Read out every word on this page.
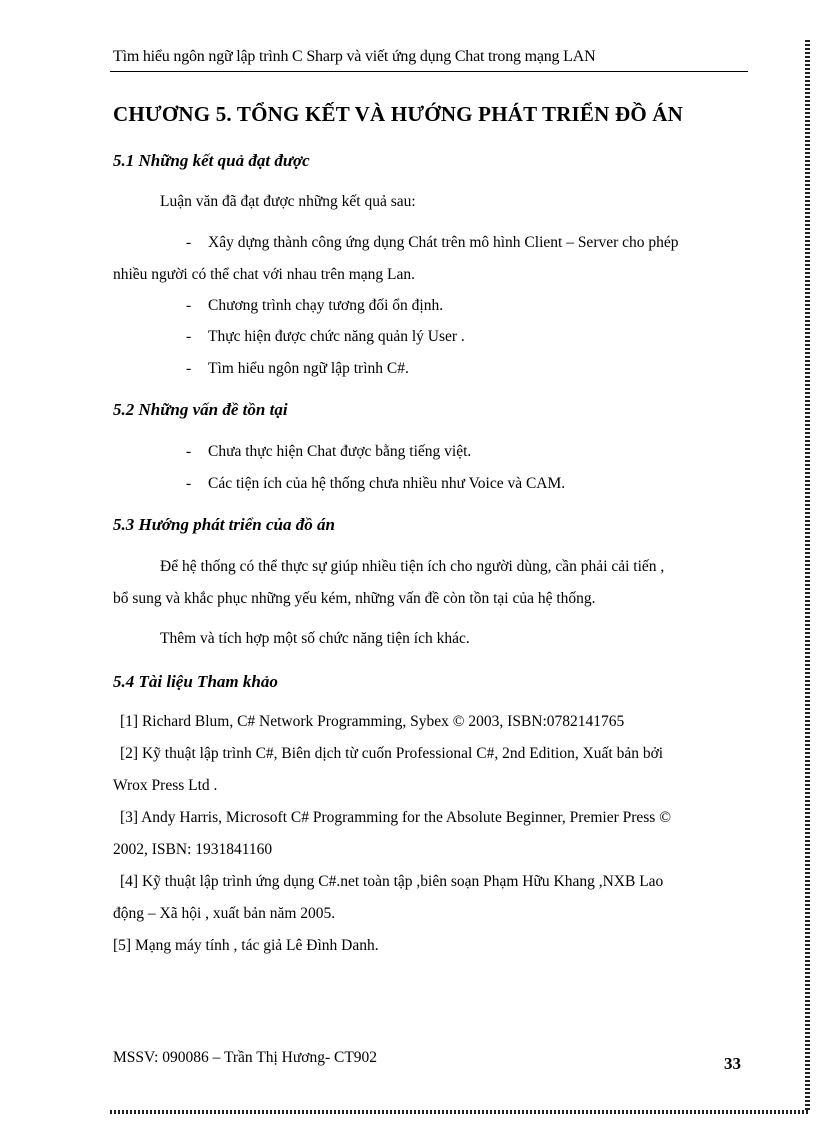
Tìm hiểu ngôn ngữ lập trình C Sharp và viết ứng dụng Chat trong mạng LAN
CHƯƠNG 5. TỔNG KẾT VÀ HƯỚNG PHÁT TRIỂN ĐỒ ÁN
5.1 Những kết quả đạt được
Luận văn đã đạt được những kết quả sau:
- Xây dựng thành công ứng dụng Chát trên mô hình Client – Server cho phép
nhiều người có thể chat với nhau trên mạng Lan.
- Chương trình chạy tương đối ổn định.
- Thực hiện được chức năng quản lý User .
- Tìm hiểu ngôn ngữ lập trình C#.
5.2 Những vấn đề tồn tại
- Chưa thực hiện Chat được bằng tiếng việt.
- Các tiện ích của hệ thống chưa nhiều như Voice và CAM.
5.3 Hướng phát triển của đồ án
Để hệ thống có thể thực sự giúp nhiều tiện ích cho người dùng, cần phải cải tiến ,
bổ sung và khắc phục những yếu kém, những vấn đề còn tồn tại của hệ thống.
Thêm và tích hợp một số chức năng tiện ích khác.
5.4 Tài liệu Tham khảo
[1] Richard Blum, C# Network Programming, Sybex © 2003, ISBN:0782141765
[2] Kỹ thuật lập trình C#, Biên dịch từ cuốn Professional C#, 2nd Edition, Xuất bản bởi
Wrox Press Ltd .
[3] Andy Harris, Microsoft C# Programming for the Absolute Beginner, Premier Press ©
2002, ISBN: 1931841160
[4] Kỹ thuật lập trình ứng dụng C#.net toàn tập ,biên soạn Phạm Hữu Khang ,NXB Lao
động – Xã hội , xuất bản năm 2005.
[5] Mạng máy tính , tác giả Lê Đình Danh.
MSSV: 090086 – Trần Thị Hương- CT902	33
